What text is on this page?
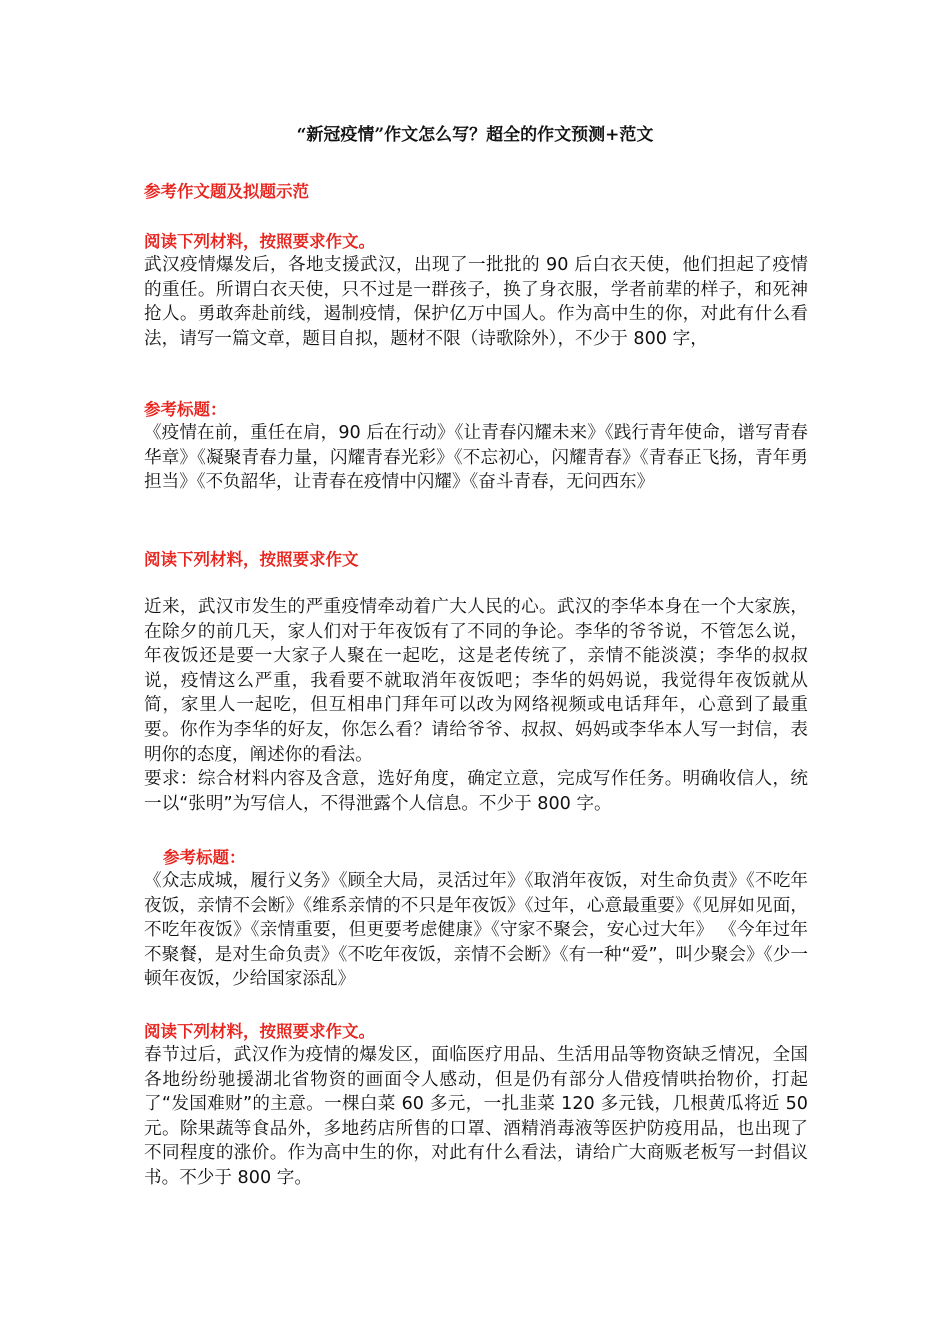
“新冠疫情”作文怎么写？超全的作文预测+范文
参考作文题及拟题示范
阅读下列材料，按照要求作文。
武汉疫情爆发后，各地支援武汉，出现了一批批的 90 后白衣天使，他们担起了疫情的重任。所谓白衣天使，只不过是一群孩子，换了身衣服，学者前辈的样子，和死神抢人。勇敢奔赴前线，遏制疫情，保护亿万中国人。作为高中生的你，对此有什么看法，请写一篇文章，题目自拟，题材不限（诗歌除外），不少于 800 字，
参考标题：
《疫情在前，重任在肩，90 后在行动》《让青春闪耀未来》《践行青年使命，谱写青春华章》《凝聚青春力量，闪耀青春光彩》《不忘初心，闪耀青春》《青春正飞扬，青年勇担当》《不负韶华，让青春在疫情中闪耀》《奋斗青春，无问西东》
阅读下列材料，按照要求作文
近来，武汉市发生的严重疫情牵动着广大人民的心。武汉的李华本身在一个大家族，在除夕的前几天，家人们对于年夜饭有了不同的争论。李华的爷爷说，不管怎么说，年夜饭还是要一大家子人聚在一起吃，这是老传统了，亲情不能淡漠；李华的叔叔说，疫情这么严重，我看要不就取消年夜饭吧；李华的妈妈说，我觉得年夜饭就从简，家里人一起吃，但互相串门拜年可以改为网络视频或电话拜年，心意到了最重要。你作为李华的好友，你怎么看？请给爷爷、叔叔、妈妈或李华本人写一封信，表明你的态度，阐述你的看法。
要求：综合材料内容及含意，选好角度，确定立意，完成写作任务。明确收信人，统一以“张明”为写信人，不得泄露个人信息。不少于 800 字。
参考标题：
《众志成城，履行义务》《顾全大局，灵活过年》《取消年夜饭，对生命负责》《不吃年夜饭，亲情不会断》《维系亲情的不只是年夜饭》《过年，心意最重要》《见屏如见面，不吃年夜饭》《亲情重要，但更要考虑健康》《守家不聚会，安心过大年》 《今年过年不聚餐，是对生命负责》《不吃年夜饭，亲情不会断》《有一种“爱”，叫少聚会》《少一顿年夜饭，少给国家添乱》
阅读下列材料，按照要求作文。
春节过后，武汉作为疫情的爆发区，面临医疗用品、生活用品等物资缺乏情况，全国各地纷纷驰援湖北省物资的画面令人感动，但是仍有部分人借疫情哄抬物价，打起了“发国难财”的主意。一棵白菜 60 多元，一扎韭菜 120 多元钱，几根黄瓜将近 50 元。除果蔬等食品外，多地药店所售的口罩、酒精消毒液等医护防疫用品，也出现了不同程度的涨价。作为高中生的你，对此有什么看法，请给广大商贩老板写一封倡议书。不少于 800 字。
